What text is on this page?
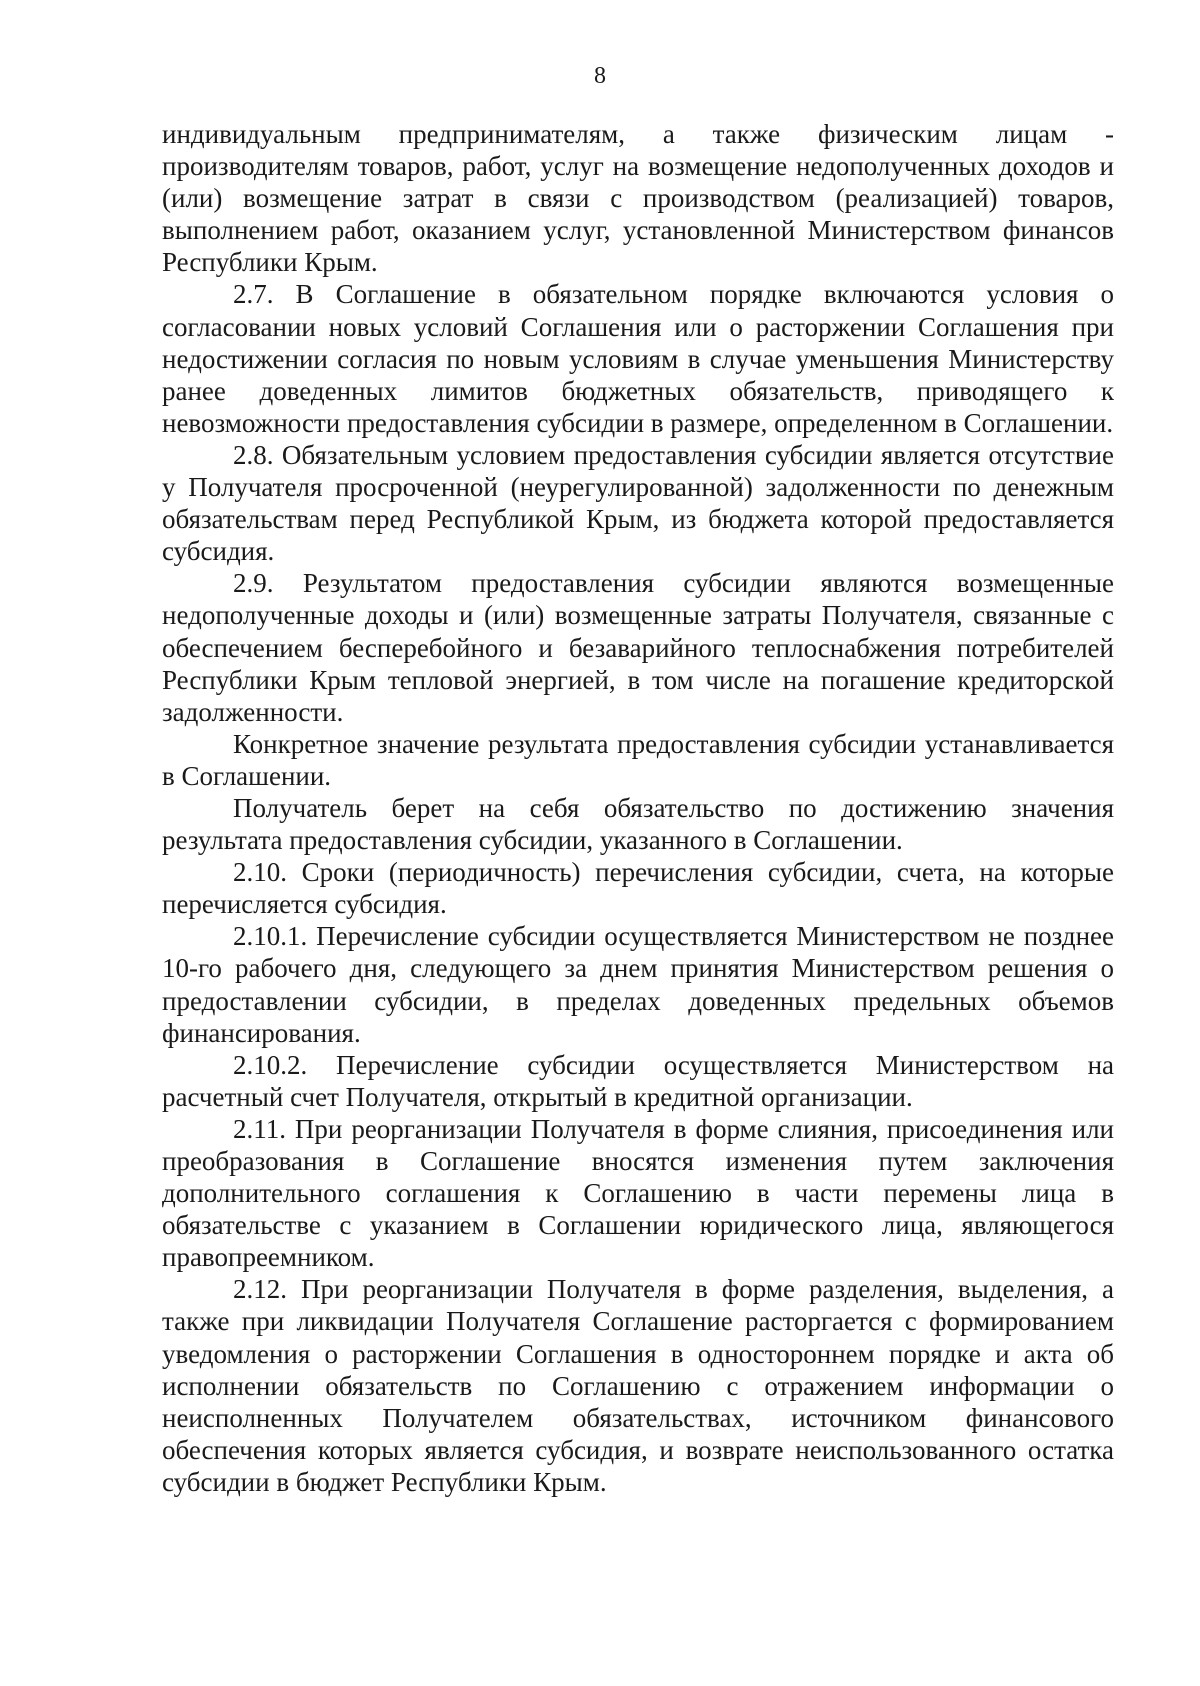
8

индивидуальным предпринимателям, а также физическим лицам - производителям товаров, работ, услуг на возмещение недополученных доходов и (или) возмещение затрат в связи с производством (реализацией) товаров, выполнением работ, оказанием услуг, установленной Министерством финансов Республики Крым.

2.7. В Соглашение в обязательном порядке включаются условия о согласовании новых условий Соглашения или о расторжении Соглашения при недостижении согласия по новым условиям в случае уменьшения Министерству ранее доведенных лимитов бюджетных обязательств, приводящего к невозможности предоставления субсидии в размере, определенном в Соглашении.

2.8. Обязательным условием предоставления субсидии является отсутствие у Получателя просроченной (неурегулированной) задолженности по денежным обязательствам перед Республикой Крым, из бюджета которой предоставляется субсидия.

2.9. Результатом предоставления субсидии являются возмещенные недополученные доходы и (или) возмещенные затраты Получателя, связанные с обеспечением бесперебойного и безаварийного теплоснабжения потребителей Республики Крым тепловой энергией, в том числе на погашение кредиторской задолженности.

Конкретное значение результата предоставления субсидии устанавливается в Соглашении.

Получатель берет на себя обязательство по достижению значения результата предоставления субсидии, указанного в Соглашении.

2.10. Сроки (периодичность) перечисления субсидии, счета, на которые перечисляется субсидия.

2.10.1. Перечисление субсидии осуществляется Министерством не позднее 10-го рабочего дня, следующего за днем принятия Министерством решения о предоставлении субсидии, в пределах доведенных предельных объемов финансирования.

2.10.2. Перечисление субсидии осуществляется Министерством на расчетный счет Получателя, открытый в кредитной организации.

2.11. При реорганизации Получателя в форме слияния, присоединения или преобразования в Соглашение вносятся изменения путем заключения дополнительного соглашения к Соглашению в части перемены лица в обязательстве с указанием в Соглашении юридического лица, являющегося правопреемником.

2.12. При реорганизации Получателя в форме разделения, выделения, а также при ликвидации Получателя Соглашение расторгается с формированием уведомления о расторжении Соглашения в одностороннем порядке и акта об исполнении обязательств по Соглашению с отражением информации о неисполненных Получателем обязательствах, источником финансового обеспечения которых является субсидия, и возврате неиспользованного остатка субсидии в бюджет Республики Крым.
